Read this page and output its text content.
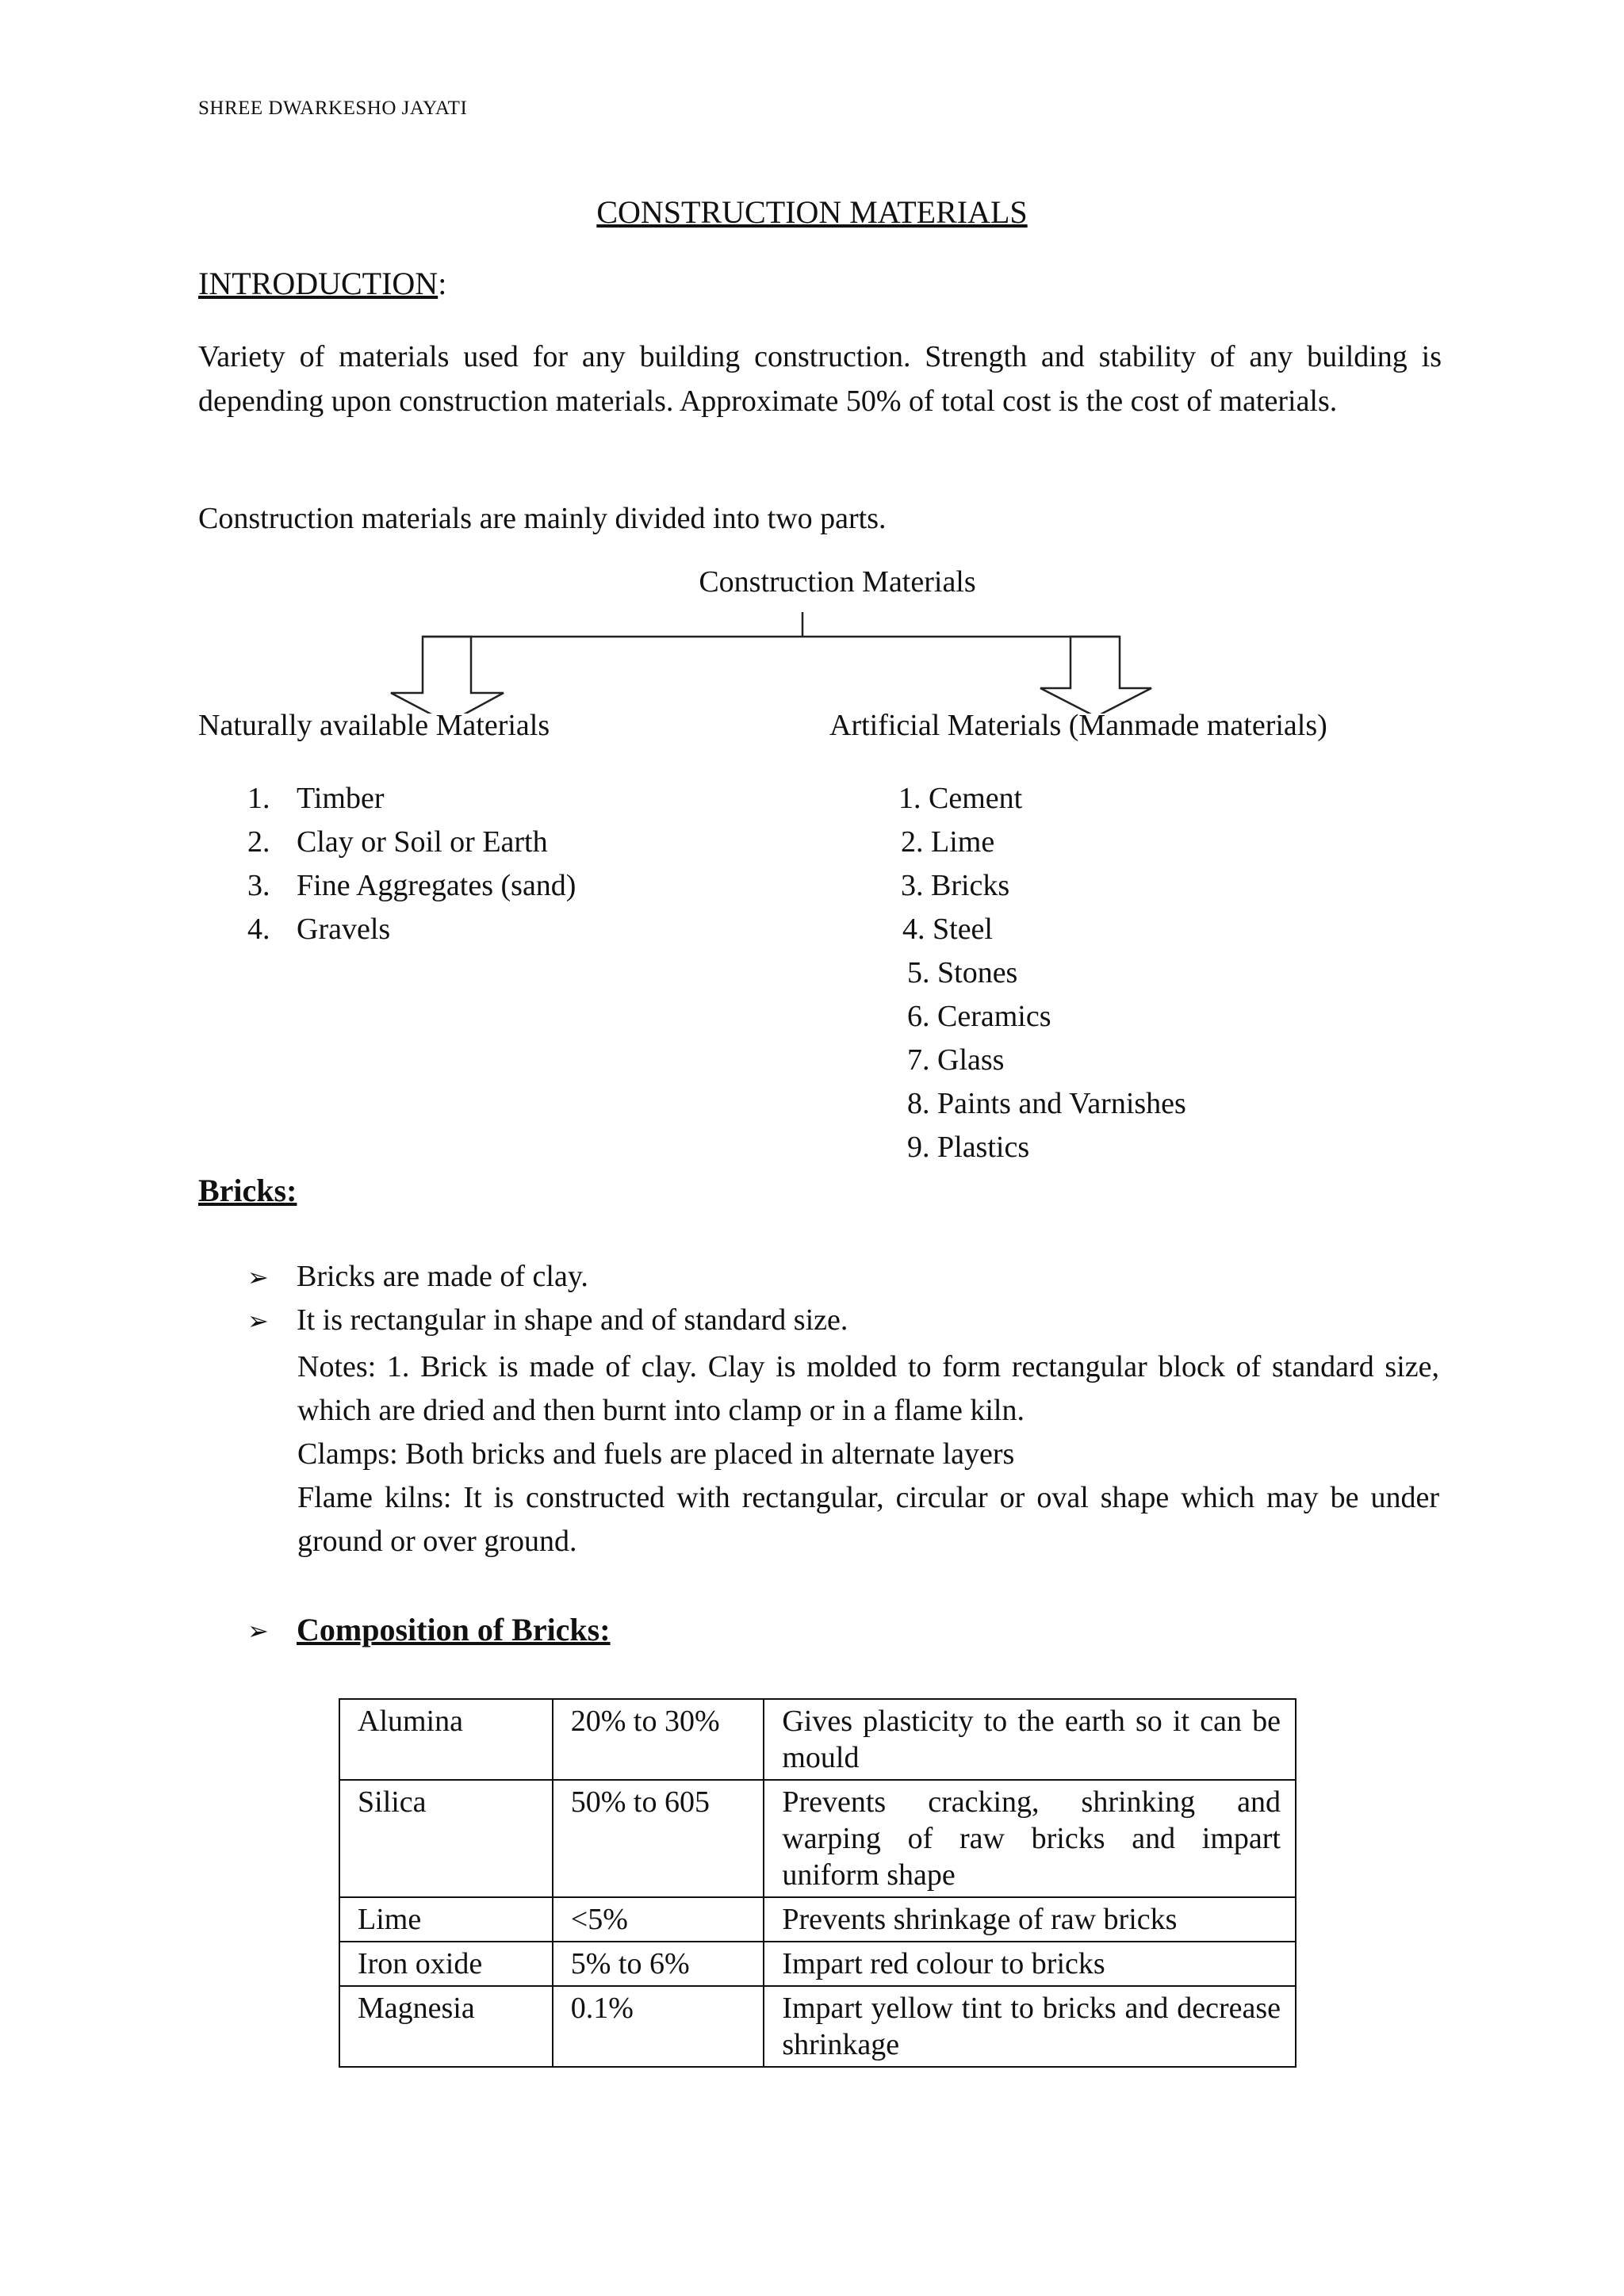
SHREE DWARKESHO JAYATI
CONSTRUCTION MATERIALS
INTRODUCTION:
Variety of materials used for any building construction. Strength and stability of any building is depending upon construction materials. Approximate 50% of total cost is the cost of materials.
Construction materials are mainly divided into two parts.
Construction Materials
Naturally available Materials	Artificial Materials (Manmade materials)
1. Timber
2. Clay or Soil or Earth
3. Fine Aggregates (sand)
4. Gravels
1. Cement
2. Lime
3. Bricks
4. Steel
5. Stones
6. Ceramics
7. Glass
8. Paints and Varnishes
9. Plastics
Bricks:
➢ Bricks are made of clay.
➢ It is rectangular in shape and of standard size.
Notes: 1. Brick is made of clay. Clay is molded to form rectangular block of standard size, which are dried and then burnt into clamp or in a flame kiln.
Clamps: Both bricks and fuels are placed in alternate layers
Flame kilns: It is constructed with rectangular, circular or oval shape which may be under ground or over ground.
➢ Composition of Bricks:
Alumina	20% to 30%	Gives plasticity to the earth so it can be mould
Silica	50% to 605	Prevents cracking, shrinking and warping of raw bricks and impart uniform shape
Lime	<5%	Prevents shrinkage of raw bricks
Iron oxide	5% to 6%	Impart red colour to bricks
Magnesia	0.1%	Impart yellow tint to bricks and decrease shrinkage
